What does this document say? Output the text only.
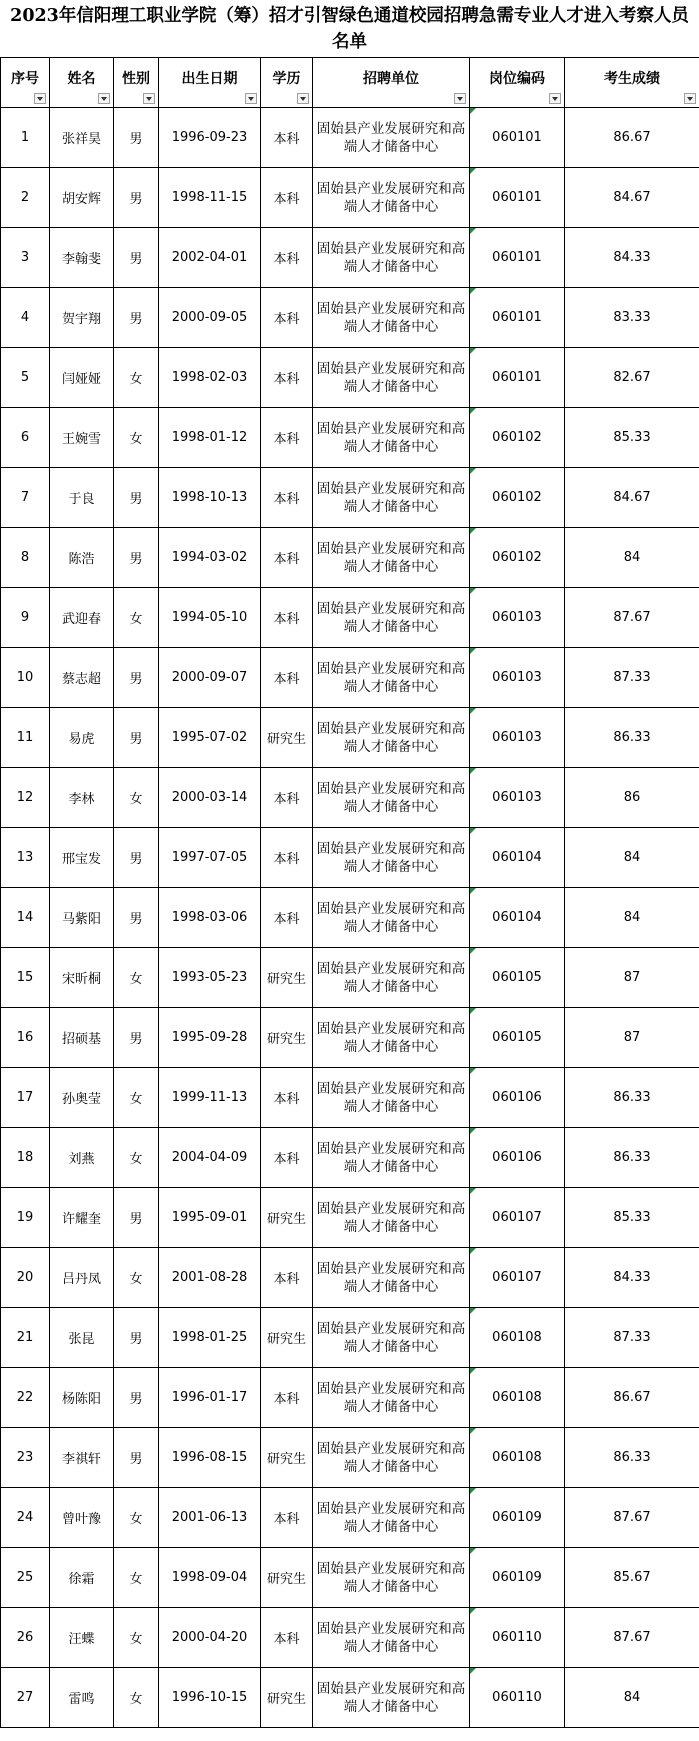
2023年信阳理工职业学院（筹）招才引智绿色通道校园招聘急需专业人才进入考察人员名单
序号	姓名	性别	出生日期	学历	招聘单位	岗位编码	考生成绩

1	张祥昊	男	1996-09-23	本科	固始县产业发展研究和高端人才储备中心	060101	86.67
2	胡安辉	男	1998-11-15	本科	固始县产业发展研究和高端人才储备中心	060101	84.67
3	李翰斐	男	2002-04-01	本科	固始县产业发展研究和高端人才储备中心	060101	84.33
4	贺宇翔	男	2000-09-05	本科	固始县产业发展研究和高端人才储备中心	060101	83.33
5	闫娅娅	女	1998-02-03	本科	固始县产业发展研究和高端人才储备中心	060101	82.67
6	王婉雪	女	1998-01-12	本科	固始县产业发展研究和高端人才储备中心	060102	85.33
7	于良	男	1998-10-13	本科	固始县产业发展研究和高端人才储备中心	060102	84.67
8	陈浩	男	1994-03-02	本科	固始县产业发展研究和高端人才储备中心	060102	84
9	武迎春	女	1994-05-10	本科	固始县产业发展研究和高端人才储备中心	060103	87.67
10	蔡志超	男	2000-09-07	本科	固始县产业发展研究和高端人才储备中心	060103	87.33
11	易虎	男	1995-07-02	研究生	固始县产业发展研究和高端人才储备中心	060103	86.33
12	李林	女	2000-03-14	本科	固始县产业发展研究和高端人才储备中心	060103	86
13	邢宝发	男	1997-07-05	本科	固始县产业发展研究和高端人才储备中心	060104	84
14	马紫阳	男	1998-03-06	本科	固始县产业发展研究和高端人才储备中心	060104	84
15	宋昕桐	女	1993-05-23	研究生	固始县产业发展研究和高端人才储备中心	060105	87
16	招硕基	男	1995-09-28	研究生	固始县产业发展研究和高端人才储备中心	060105	87
17	孙奥莹	女	1999-11-13	本科	固始县产业发展研究和高端人才储备中心	060106	86.33
18	刘燕	女	2004-04-09	本科	固始县产业发展研究和高端人才储备中心	060106	86.33
19	许耀奎	男	1995-09-01	研究生	固始县产业发展研究和高端人才储备中心	060107	85.33
20	吕丹凤	女	2001-08-28	本科	固始县产业发展研究和高端人才储备中心	060107	84.33
21	张昆	男	1998-01-25	研究生	固始县产业发展研究和高端人才储备中心	060108	87.33
22	杨陈阳	男	1996-01-17	本科	固始县产业发展研究和高端人才储备中心	060108	86.67
23	李祺轩	男	1996-08-15	研究生	固始县产业发展研究和高端人才储备中心	060108	86.33
24	曾叶豫	女	2001-06-13	本科	固始县产业发展研究和高端人才储备中心	060109	87.67
25	徐霜	女	1998-09-04	研究生	固始县产业发展研究和高端人才储备中心	060109	85.67
26	汪蝶	女	2000-04-20	本科	固始县产业发展研究和高端人才储备中心	060110	87.67
27	雷鸣	女	1996-10-15	研究生	固始县产业发展研究和高端人才储备中心	060110	84
